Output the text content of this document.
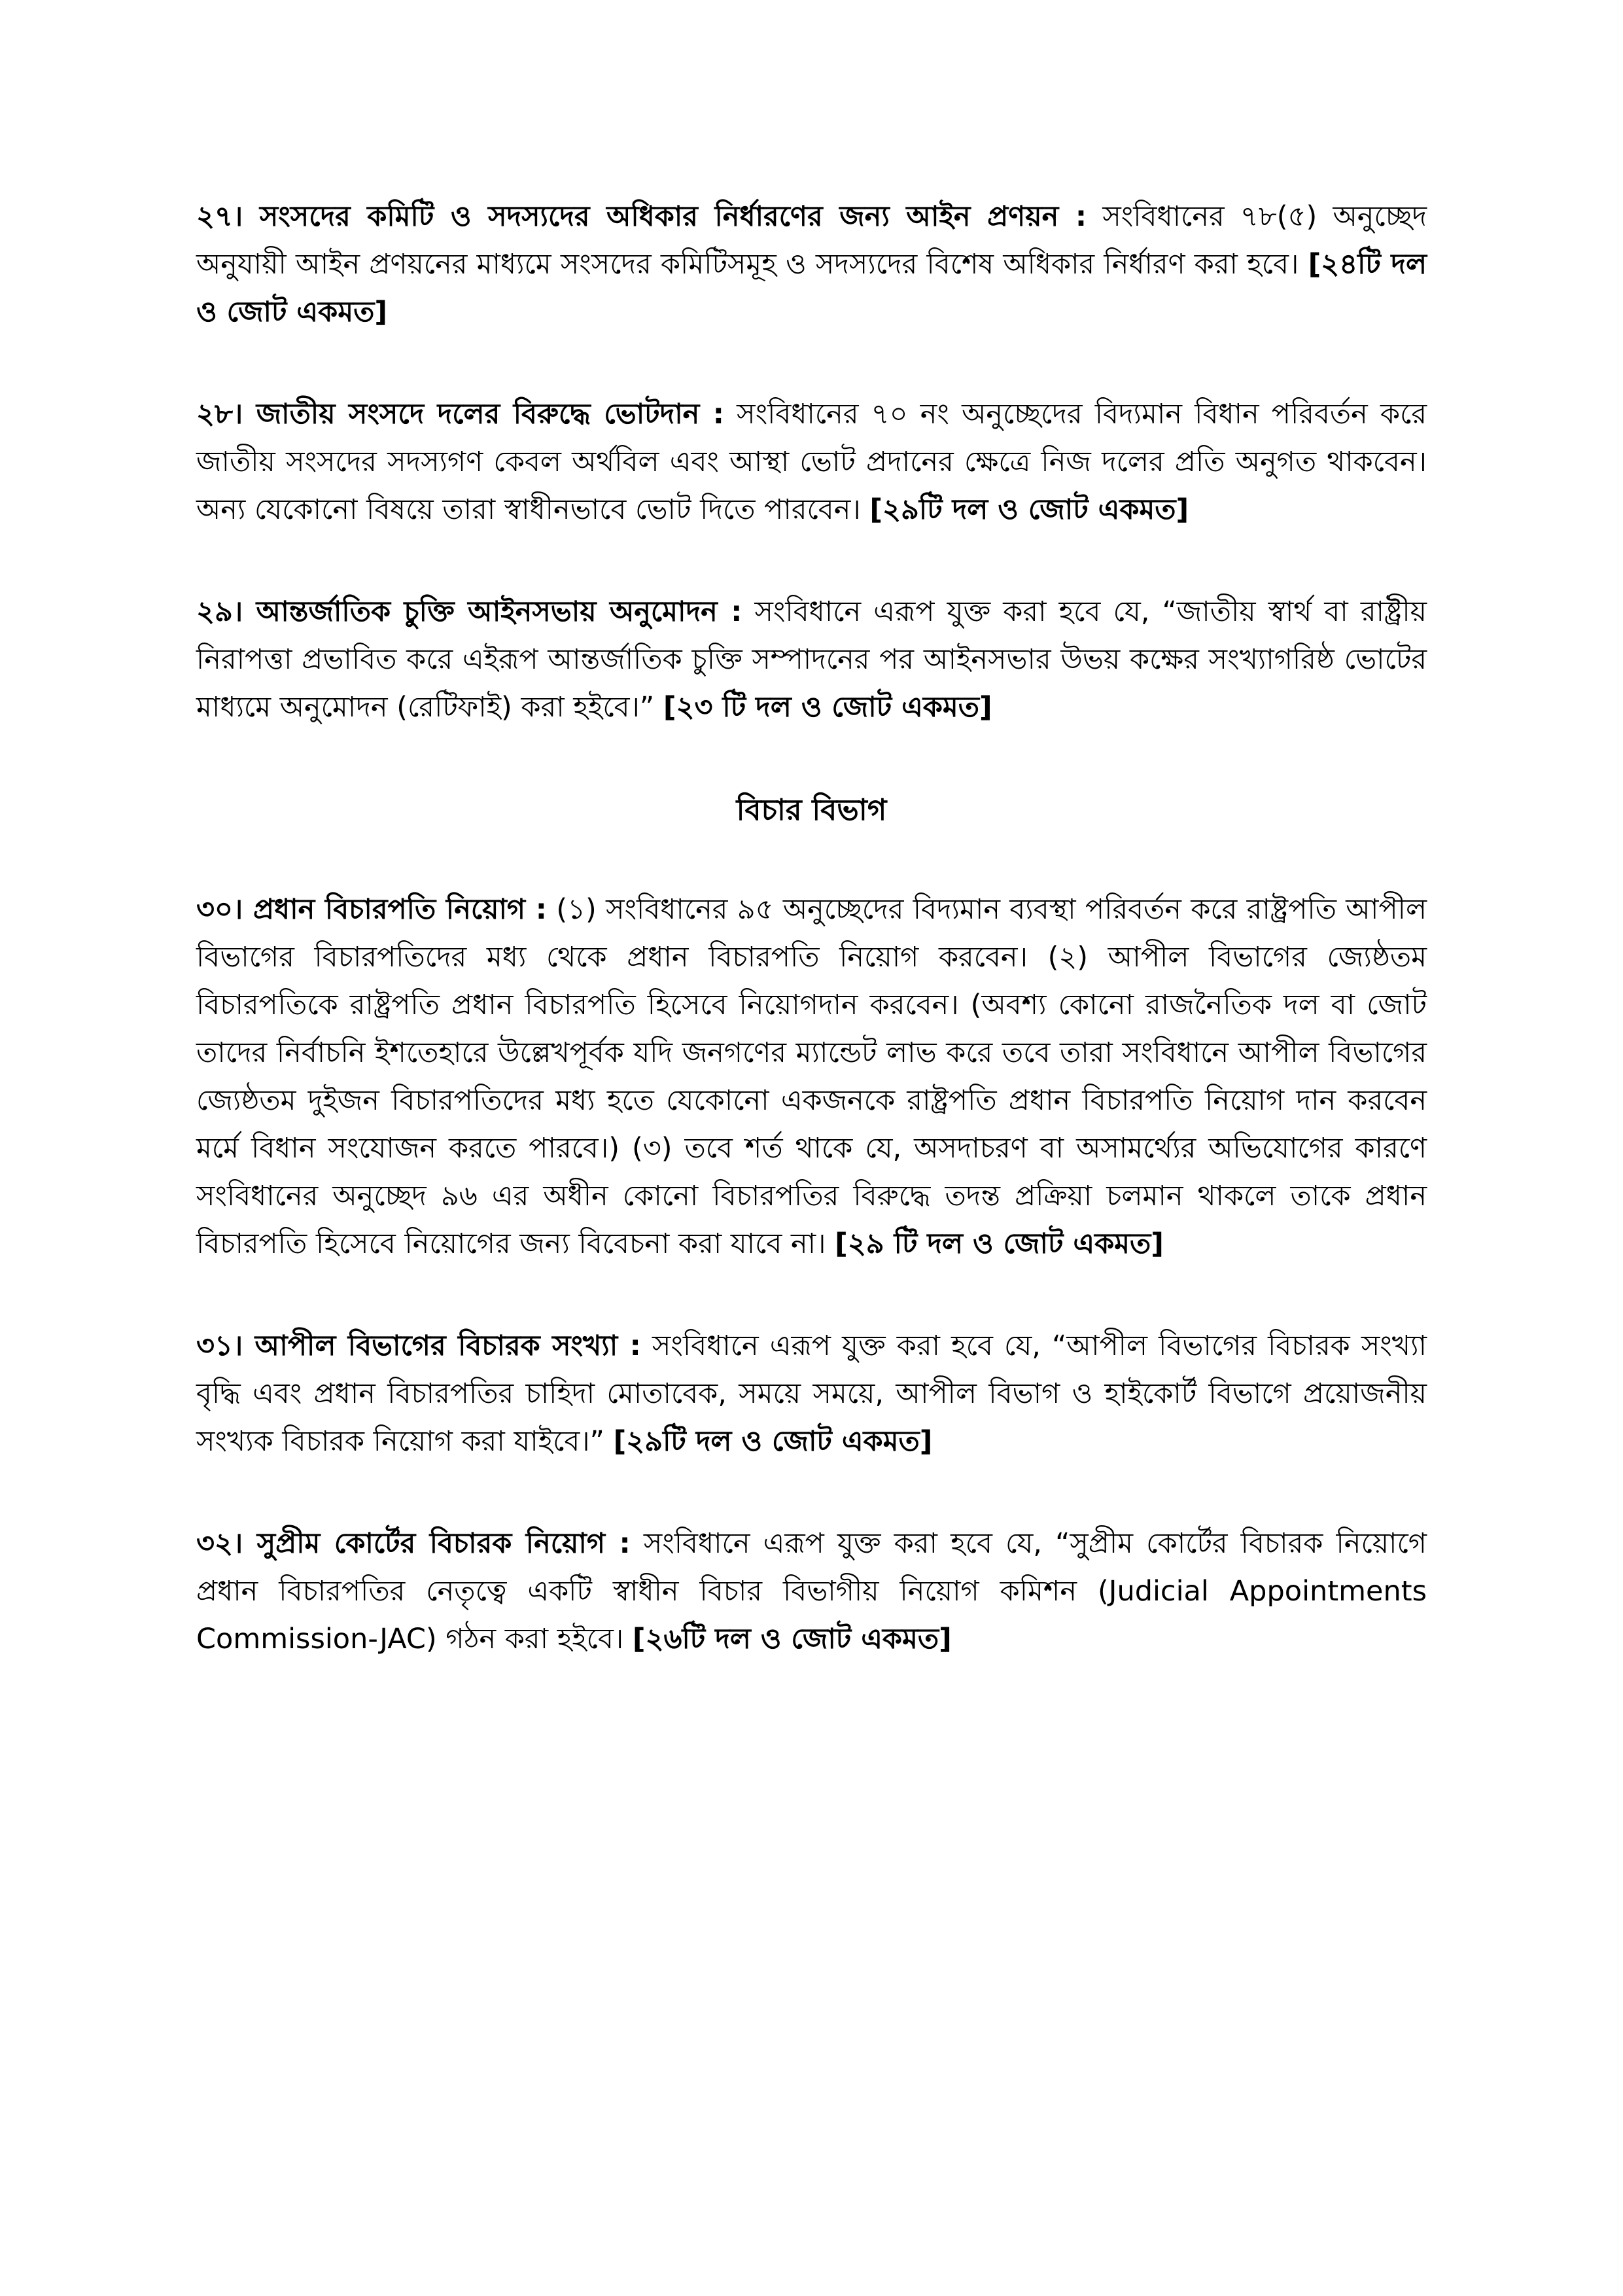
২৭। সংসদের কমিটি ও সদস্যদের অধিকার নির্ধারণের জন্য আইন প্রণয়ন : সংবিধানের ৭৮(৫) অনুচ্ছেদ অনুযায়ী আইন প্রণয়নের মাধ্যমে সংসদের কমিটিসমূহ ও সদস্যদের বিশেষ অধিকার নির্ধারণ করা হবে। [২৪টি দল ও জোট একমত]

২৮। জাতীয় সংসদে দলের বিরুদ্ধে ভোটদান : সংবিধানের ৭০ নং অনুচ্ছেদের বিদ্যমান বিধান পরিবর্তন করে জাতীয় সংসদের সদস্যগণ কেবল অর্থবিল এবং আস্থা ভোট প্রদানের ক্ষেত্রে নিজ দলের প্রতি অনুগত থাকবেন। অন্য যেকোনো বিষয়ে তারা স্বাধীনভাবে ভোট দিতে পারবেন। [২৯টি দল ও জোট একমত]

২৯। আন্তর্জাতিক চুক্তি আইনসভায় অনুমোদন : সংবিধানে এরূপ যুক্ত করা হবে যে, “জাতীয় স্বার্থ বা রাষ্ট্রীয় নিরাপত্তা প্রভাবিত করে এইরূপ আন্তর্জাতিক চুক্তি সম্পাদনের পর আইনসভার উভয় কক্ষের সংখ্যাগরিষ্ঠ ভোটের মাধ্যমে অনুমোদন (রেটিফাই) করা হইবে।” [২৩ টি দল ও জোট একমত]

বিচার বিভাগ

৩০। প্রধান বিচারপতি নিয়োগ : (১) সংবিধানের ৯৫ অনুচ্ছেদের বিদ্যমান ব্যবস্থা পরিবর্তন করে রাষ্ট্রপতি আপীল বিভাগের বিচারপতিদের মধ্য থেকে প্রধান বিচারপতি নিয়োগ করবেন। (২) আপীল বিভাগের জ্যেষ্ঠতম বিচারপতিকে রাষ্ট্রপতি প্রধান বিচারপতি হিসেবে নিয়োগদান করবেন। (অবশ্য কোনো রাজনৈতিক দল বা জোট তাদের নির্বাচনি ইশতেহারে উল্লেখপূর্বক যদি জনগণের ম্যান্ডেট লাভ করে তবে তারা সংবিধানে আপীল বিভাগের জ্যেষ্ঠতম দুইজন বিচারপতিদের মধ্য হতে যেকোনো একজনকে রাষ্ট্রপতি প্রধান বিচারপতি নিয়োগ দান করবেন মর্মে বিধান সংযোজন করতে পারবে।) (৩) তবে শর্ত থাকে যে, অসদাচরণ বা অসামর্থ্যের অভিযোগের কারণে সংবিধানের অনুচ্ছেদ ৯৬ এর অধীন কোনো বিচারপতির বিরুদ্ধে তদন্ত প্রক্রিয়া চলমান থাকলে তাকে প্রধান বিচারপতি হিসেবে নিয়োগের জন্য বিবেচনা করা যাবে না। [২৯ টি দল ও জোট একমত]

৩১। আপীল বিভাগের বিচারক সংখ্যা : সংবিধানে এরূপ যুক্ত করা হবে যে, “আপীল বিভাগের বিচারক সংখ্যা বৃদ্ধি এবং প্রধান বিচারপতির চাহিদা মোতাবেক, সময়ে সময়ে, আপীল বিভাগ ও হাইকোর্ট বিভাগে প্রয়োজনীয় সংখ্যক বিচারক নিয়োগ করা যাইবে।” [২৯টি দল ও জোট একমত]

৩২। সুপ্রীম কোর্টের বিচারক নিয়োগ : সংবিধানে এরূপ যুক্ত করা হবে যে, “সুপ্রীম কোর্টের বিচারক নিয়োগে প্রধান বিচারপতির নেতৃত্বে একটি স্বাধীন বিচার বিভাগীয় নিয়োগ কমিশন (Judicial Appointments Commission-JAC) গঠন করা হইবে। [২৬টি দল ও জোট একমত]
